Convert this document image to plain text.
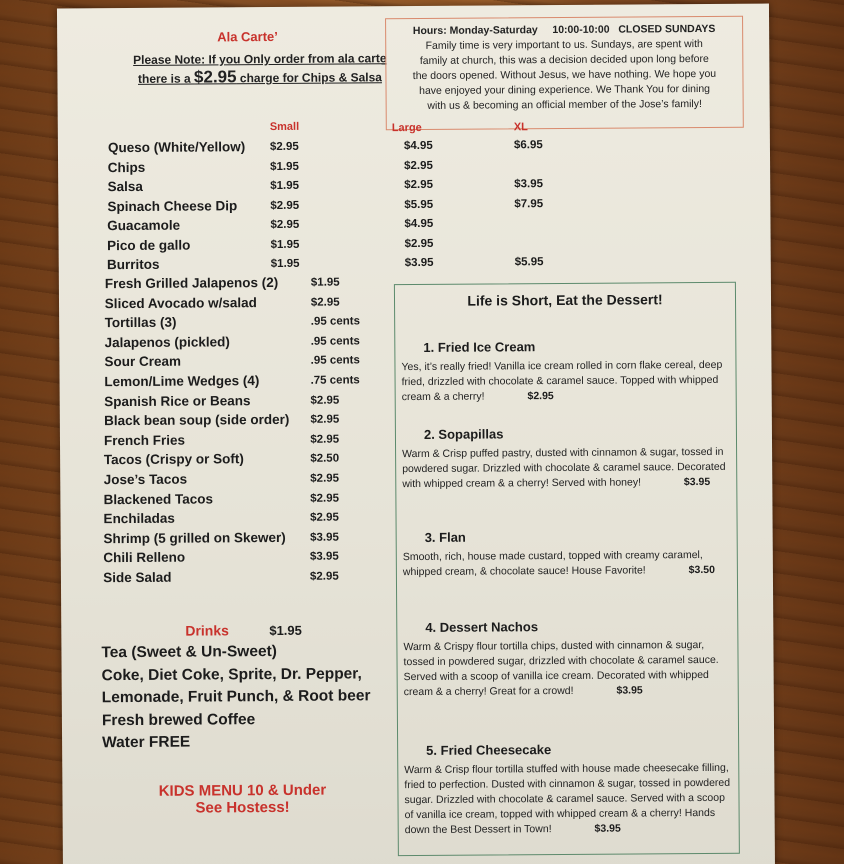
Ala Carte’
Please Note: If you Only order from ala carte
there is a $2.95 charge for Chips & Salsa
Hours: Monday-Saturday 10:00-10:00 CLOSED SUNDAYS
Family time is very important to us. Sundays, are spent with
family at church, this was a decision decided upon long before
the doors opened. Without Jesus, we have nothing. We hope you
have enjoyed your dining experience. We Thank You for dining
with us & becoming an official member of the Jose’s family!
Small	Large	XL
Queso (White/Yellow) $2.95	$4.95	$6.95
Chips	$1.95	$2.95
Salsa	$1.95	$2.95	$3.95
Spinach Cheese Dip	$2.95	$5.95	$7.95
Guacamole	$2.95	$4.95
Pico de gallo	$1.95	$2.95
Burritos	$1.95	$3.95	$5.95
Fresh Grilled Jalapenos (2)	$1.95
Sliced Avocado w/salad	$2.95
Tortillas (3)	.95 cents
Jalapenos (pickled)	.95 cents
Sour Cream	.95 cents
Lemon/Lime Wedges (4)	.75 cents
Spanish Rice or Beans	$2.95
Black bean soup (side order) $2.95
French Fries	$2.95
Tacos (Crispy or Soft)	$2.50
Jose’s Tacos	$2.95
Blackened Tacos	$2.95
Enchiladas	$2.95
Shrimp (5 grilled on Skewer) $3.95
Chili Relleno	$3.95
Side Salad	$2.95
Drinks	$1.95
Tea (Sweet & Un-Sweet)
Coke, Diet Coke, Sprite, Dr. Pepper,
Lemonade, Fruit Punch, & Root beer
Fresh brewed Coffee
Water FREE
KIDS MENU 10 & Under
See Hostess!
Life is Short, Eat the Dessert!
1. Fried Ice Cream
Yes, it’s really fried! Vanilla ice cream rolled in corn flake cereal, deep fried, drizzled with chocolate & caramel sauce. Topped with whipped cream & a cherry!	$2.95
2. Sopapillas
Warm & Crisp puffed pastry, dusted with cinnamon & sugar, tossed in powdered sugar. Drizzled with chocolate & caramel sauce. Decorated with whipped cream & a cherry! Served with honey!	$3.95
3. Flan
Smooth, rich, house made custard, topped with creamy caramel, whipped cream, & chocolate sauce! House Favorite!	$3.50
4. Dessert Nachos
Warm & Crispy flour tortilla chips, dusted with cinnamon & sugar, tossed in powdered sugar, drizzled with chocolate & caramel sauce. Served with a scoop of vanilla ice cream. Decorated with whipped cream & a cherry! Great for a crowd!	$3.95
5. Fried Cheesecake
Warm & Crisp flour tortilla stuffed with house made cheesecake filling, fried to perfection. Dusted with cinnamon & sugar, tossed in powdered sugar. Drizzled with chocolate & caramel sauce. Served with a scoop of vanilla ice cream, topped with whipped cream & a cherry! Hands down the Best Dessert in Town!	$3.95
